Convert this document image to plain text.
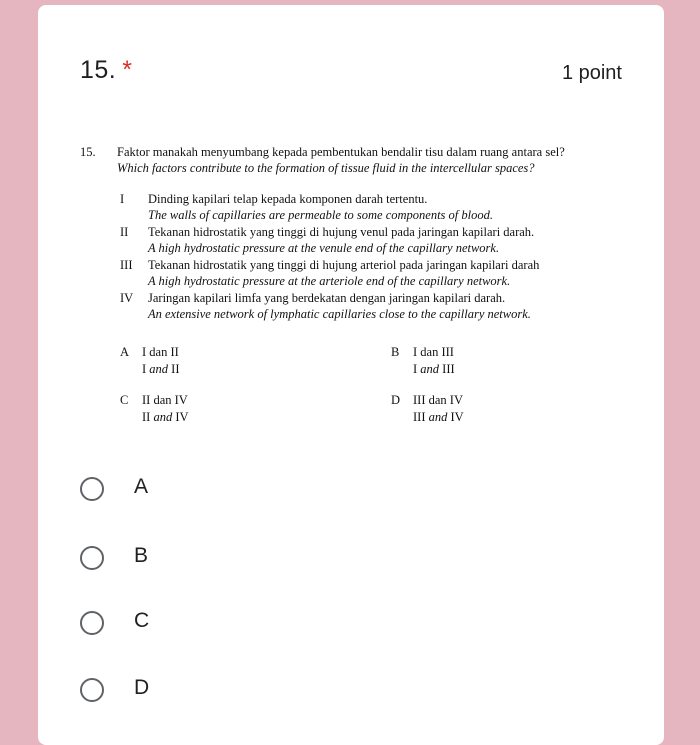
15. *	1 point
15. Faktor manakah menyumbang kepada pembentukan bendalir tisu dalam ruang antara sel?
Which factors contribute to the formation of tissue fluid in the intercellular spaces?
I Dinding kapilari telap kepada komponen darah tertentu.
The walls of capillaries are permeable to some components of blood.
II Tekanan hidrostatik yang tinggi di hujung venul pada jaringan kapilari darah.
A high hydrostatic pressure at the venule end of the capillary network.
III Tekanan hidrostatik yang tinggi di hujung arteriol pada jaringan kapilari darah
A high hydrostatic pressure at the arteriole end of the capillary network.
IV Jaringan kapilari limfa yang berdekatan dengan jaringan kapilari darah.
An extensive network of lymphatic capillaries close to the capillary network.
A I dan II
I and II
B I dan III
I and III
C II dan IV
II and IV
D III dan IV
III and IV
A
B
C
D
